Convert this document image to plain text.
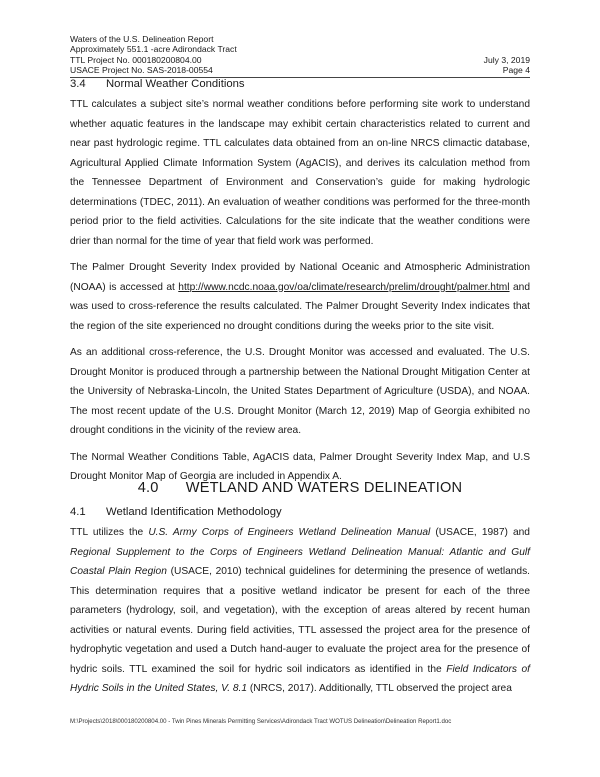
Waters of the U.S. Delineation Report
Approximately 551.1 -acre Adirondack Tract
TTL Project No. 000180200804.00	July 3, 2019
USACE Project No. SAS-2018-00554	Page 4
3.4 Normal Weather Conditions

TTL calculates a subject site’s normal weather conditions before performing site work to understand whether aquatic features in the landscape may exhibit certain characteristics related to current and near past hydrologic regime. TTL calculates data obtained from an on-line NRCS climactic database, Agricultural Applied Climate Information System (AgACIS), and derives its calculation method from the Tennessee Department of Environment and Conservation’s guide for making hydrologic determinations (TDEC, 2011). An evaluation of weather conditions was performed for the three-month period prior to the field activities. Calculations for the site indicate that the weather conditions were drier than normal for the time of year that field work was performed.

The Palmer Drought Severity Index provided by National Oceanic and Atmospheric Administration (NOAA) is accessed at http://www.ncdc.noaa.gov/oa/climate/research/prelim/drought/palmer.html and was used to cross-reference the results calculated. The Palmer Drought Severity Index indicates that the region of the site experienced no drought conditions during the weeks prior to the site visit.

As an additional cross-reference, the U.S. Drought Monitor was accessed and evaluated. The U.S. Drought Monitor is produced through a partnership between the National Drought Mitigation Center at the University of Nebraska-Lincoln, the United States Department of Agriculture (USDA), and NOAA. The most recent update of the U.S. Drought Monitor (March 12, 2019) Map of Georgia exhibited no drought conditions in the vicinity of the review area.

The Normal Weather Conditions Table, AgACIS data, Palmer Drought Severity Index Map, and U.S Drought Monitor Map of Georgia are included in Appendix A.

4.0 WETLAND AND WATERS DELINEATION
4.1 Wetland Identification Methodology

TTL utilizes the U.S. Army Corps of Engineers Wetland Delineation Manual (USACE, 1987) and Regional Supplement to the Corps of Engineers Wetland Delineation Manual: Atlantic and Gulf Coastal Plain Region (USACE, 2010) technical guidelines for determining the presence of wetlands. This determination requires that a positive wetland indicator be present for each of the three parameters (hydrology, soil, and vegetation), with the exception of areas altered by recent human activities or natural events. During field activities, TTL assessed the project area for the presence of hydrophytic vegetation and used a Dutch hand-auger to evaluate the project area for the presence of hydric soils. TTL examined the soil for hydric soil indicators as identified in the Field Indicators of Hydric Soils in the United States, V. 8.1 (NRCS, 2017). Additionally, TTL observed the project area

M:\Projects\2018\000180200804.00 - Twin Pines Minerals Permitting Services\Adirondack Tract WOTUS Delineation\Delineation Report1.doc
